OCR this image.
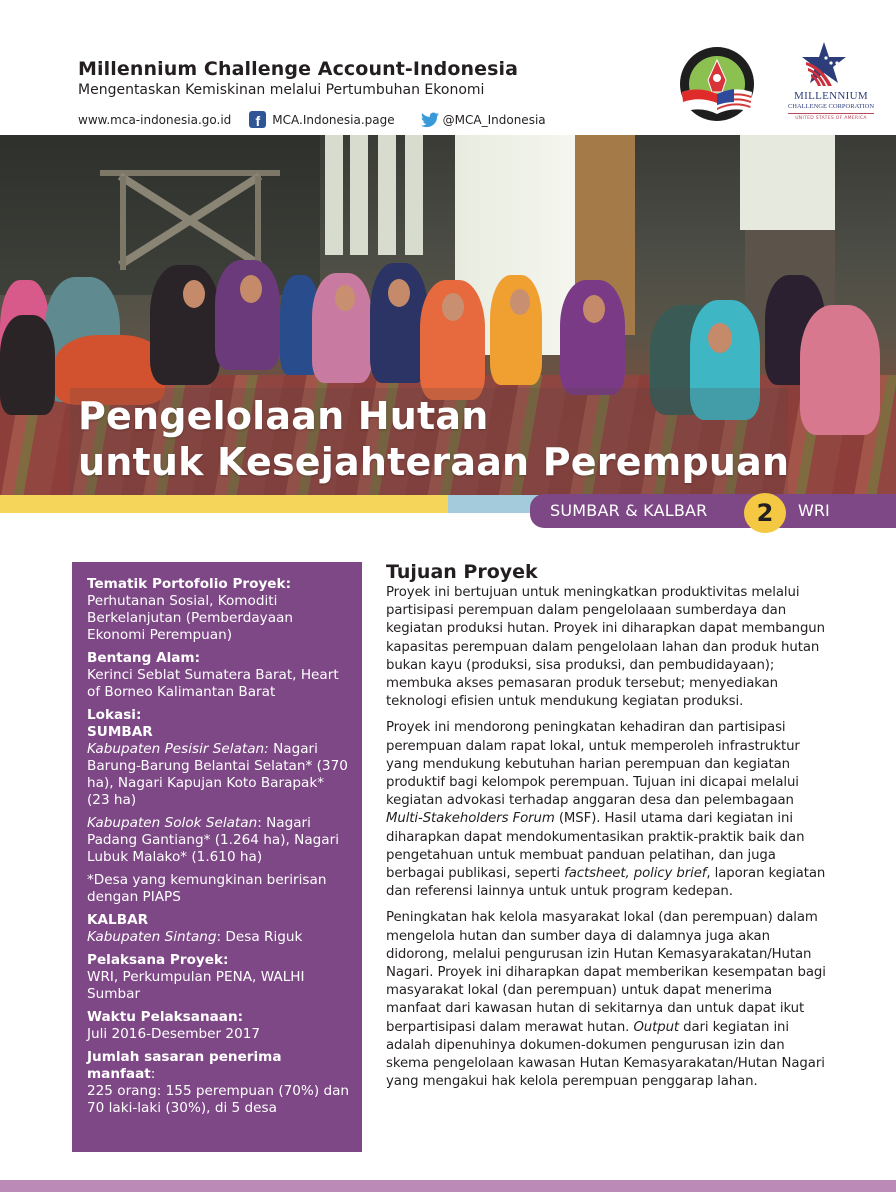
Millennium Challenge Account-Indonesia
Mengentaskan Kemiskinan melalui Pertumbuhan Ekonomi
www.mca-indonesia.go.id	f	MCA.Indonesia.page	@MCA_Indonesia
MILLENNIUM
CHALLENGE CORPORATION
UNITED STATES OF AMERICA
Pengelolaan Hutan
untuk Kesejahteraan Perempuan
SUMBAR & KALBAR	2	WRI
Tematik Portofolio Proyek:
Perhutanan Sosial, Komoditi Berkelanjutan (Pemberdayaan Ekonomi Perempuan)
Bentang Alam:
Kerinci Seblat Sumatera Barat, Heart of Borneo Kalimantan Barat
Lokasi:
SUMBAR
Kabupaten Pesisir Selatan: Nagari Barung-Barung Belantai Selatan* (370 ha), Nagari Kapujan Koto Barapak* (23 ha)
Kabupaten Solok Selatan: Nagari Padang Gantiang* (1.264 ha), Nagari Lubuk Malako* (1.610 ha)
*Desa yang kemungkinan beririsan dengan PIAPS
KALBAR
Kabupaten Sintang: Desa Riguk
Pelaksana Proyek:
WRI, Perkumpulan PENA, WALHI Sumbar
Waktu Pelaksanaan:
Juli 2016-Desember 2017
Jumlah sasaran penerima manfaat:
225 orang: 155 perempuan (70%) dan 70 laki-laki (30%), di 5 desa
Tujuan Proyek

Proyek ini bertujuan untuk meningkatkan produktivitas melalui partisipasi perempuan dalam pengelolaaan sumberdaya dan kegiatan produksi hutan. Proyek ini diharapkan dapat membangun kapasitas perempuan dalam pengelolaan lahan dan produk hutan bukan kayu (produksi, sisa produksi, dan pembudidayaan); membuka akses pemasaran produk tersebut; menyediakan teknologi efisien untuk mendukung kegiatan produksi.

Proyek ini mendorong peningkatan kehadiran dan partisipasi perempuan dalam rapat lokal, untuk memperoleh infrastruktur yang mendukung kebutuhan harian perempuan dan kegiatan produktif bagi kelompok perempuan. Tujuan ini dicapai melalui kegiatan advokasi terhadap anggaran desa dan pelembagaan Multi-Stakeholders Forum (MSF). Hasil utama dari kegiatan ini diharapkan dapat mendokumentasikan praktik-praktik baik dan pengetahuan untuk membuat panduan pelatihan, dan juga berbagai publikasi, seperti factsheet, policy brief, laporan kegiatan dan referensi lainnya untuk untuk program kedepan.

Peningkatan hak kelola masyarakat lokal (dan perempuan) dalam mengelola hutan dan sumber daya di dalamnya juga akan didorong, melalui pengurusan izin Hutan Kemasyarakatan/Hutan Nagari. Proyek ini diharapkan dapat memberikan kesempatan bagi masyarakat lokal (dan perempuan) untuk dapat menerima manfaat dari kawasan hutan di sekitarnya dan untuk dapat ikut berpartisipasi dalam merawat hutan. Output dari kegiatan ini adalah dipenuhinya dokumen-dokumen pengurusan izin dan skema pengelolaan kawasan Hutan Kemasyarakatan/Hutan Nagari yang mengakui hak kelola perempuan penggarap lahan.
